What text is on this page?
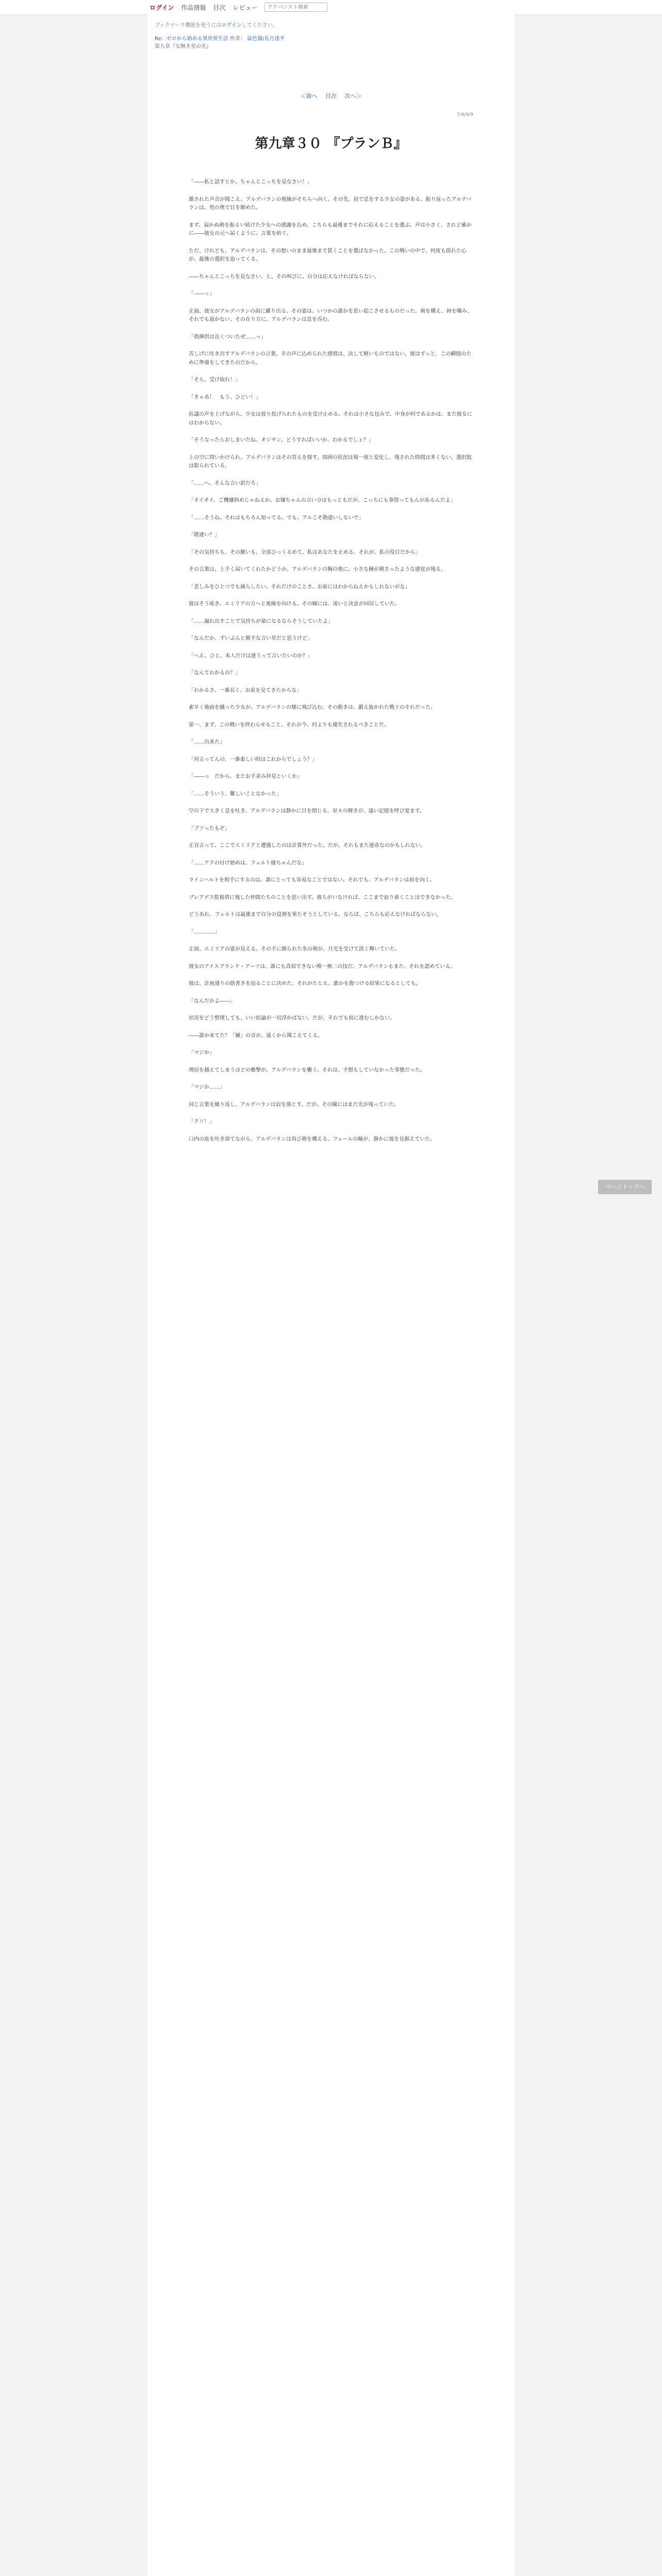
ログイン 作品情報 目次 レビュー
アドバンスト検索
ブックマーク機能を使うにはログインしてください。
Re：ゼロから始める異世界生活 作者： 鼠色猫/長月達平
第九章『な無き星の光』
＜前へ 目次 次へ＞
7/9/9/9
第九章３０ 『プランＢ』

「――私と話すとか、ちゃんとこっちを見なさい！」

激された声音が聞こえ、アルデバランの視線がそちらへ向く。その先、肩で息をする少女の姿がある。振り返ったアルデバランは、兜の奥で目を細めた。

まず、届かぬ剣を振るい続けた少女への感謝を込め、こちらも最後までそれに応えることを選ぶ。声は小さく、されど確かに――彼女の元へ届くように、言葉を紡ぐ。

ただ、けれども、アルデバランは、その想いのまま最後まで貫くことを選ばなかった。この戦いの中で、何度も揺れた心が、最後の選択を迫ってくる。

――ちゃんとこっちを見なさい、と。その叫びに、自分は応えなければならない。

「――っ」

正面、彼女がアルデバランの前に躍り出る。その姿は、いつかの誰かを思い起こさせるものだった。剣を構え、唇を噛み、それでも退かない。その在り方に、アルデバランは息を呑む。

「指揮供は長くついたぜ……っ」

苦しげに吐き出すアルデバランの言葉。その声に込められた感情は、決して軽いものではない。彼はずっと、この瞬間のために準備をしてきたのだから。

「そら、受け取れ！」

「きゃあ！　もう、ひどい！」

抗議の声を上げながら、少女は放り投げられたものを受け止める。それは小さな包みで、中身が何であるかは、まだ彼女にはわからない。

「そうなったらおしまいだね、オジサン。どうすればいいか、わかるでしょ？」

上の空に問いかけられ、アルデバランはその答えを探す。周囲の状況は刻一刻と変化し、残された時間は多くない。選択肢は限られている。

「……へ、そんな言い訳だろ」

「オイオイ、ご機嫌斜めじゃねえか。お嬢ちゃんの言い分はもっともだが、こっちにも事情ってもんがあるんだよ」

「……そうね、それはもちろん知ってる。でも、アルこそ勘違いしないで」

「勘違い？」

「その気持ちも、その願いも、全部ひっくるめて、私はあなたを止める。それが、私の役目だから」

その言葉は、上手く届いてくれたかどうか。アルデバランの胸の奥に、小さな棘が刺さったような感覚が残る。

「悲しみをひとつでも減らしたい、それだけのことさ。お前にはわからねえかもしれないがな」

彼はそう呟き、エミリアの方へと視線を向ける。その瞳には、迷いと決意が同居していた。

「……漏れ出すことで気持ちが楽になるならそうしていたよ」

「なんだか、ずいぶんと勝手な言い草だと思うけど」

「へえ、ひと、本人だけは違うって言いたいのか？」

「なんてわかるの？」

「わかるさ、一番長く、お前を見てきたからな」

素早く地面を蹴った少女が、アルデバランの懐に飛び込む。その動きは、鍛え抜かれた戦士のそれだった。

第一、まず、この戦いを終わらせること。それが今、何よりも優先されるべきことだ。

「……出来た」

「何言ってんの、一番楽しい時はこれからでしょう？」

「――っ　だから、またお手並み拝見といくか」

「……そういう、難しいことなかった」

空の下で大きく息を吐き、アルデバランは静かに目を閉じる。星々の輝きが、遠い記憶を呼び覚ます。

「ブツったもぞ」

正直言って、ここでエミリアと遭遇したのは計算外だった。だが、それもまた運命なのかもしれない。

「……アクの付け始めは、フェルト様ちゃんだな」

ラインハルトを相手にするのは、誰にとっても容易なことではない。それでも、アルデバランは前を向く。

プレアデス監視塔に残した仲間たちのことを思い出す。彼らがいなければ、ここまで辿り着くことはできなかった。

どうあれ、フェルトは最後まで自分の役割を果たそうとしている。ならば、こちらも応えなければならない。

「…………」

正面、エミリアの姿が見える。その手に握られた氷の剣が、月光を受けて淡く輝いていた。

彼女のアイスブランド・アーツは、誰にも真似できない唯一無二の技だ。アルデバランもまた、それを認めている。

彼は、計画通りの筋書きを辿ることに決めた。それがたとえ、誰かを傷つける結果になるとしても。

「なんだかよ――」

状況をどう整理しても、いい結論が一切浮かばない。だが、それでも前に進むしかない。

――誰か来てた？「鐘」の音が、遠くから聞こえてくる。

「マジか」

理屈を越えてしまうほどの衝撃が、アルデバランを襲う。それは、予想もしていなかった事態だった。

「マジか……」

同じ言葉を繰り返し、アルデバランは肩を落とす。だが、その瞳にはまだ光が残っていた。

「クソ！」

口内の血を吐き捨てながら、アルデバランは再び剣を構える。フェールの瞳が、静かに彼を見据えていた。

ページトップへ
